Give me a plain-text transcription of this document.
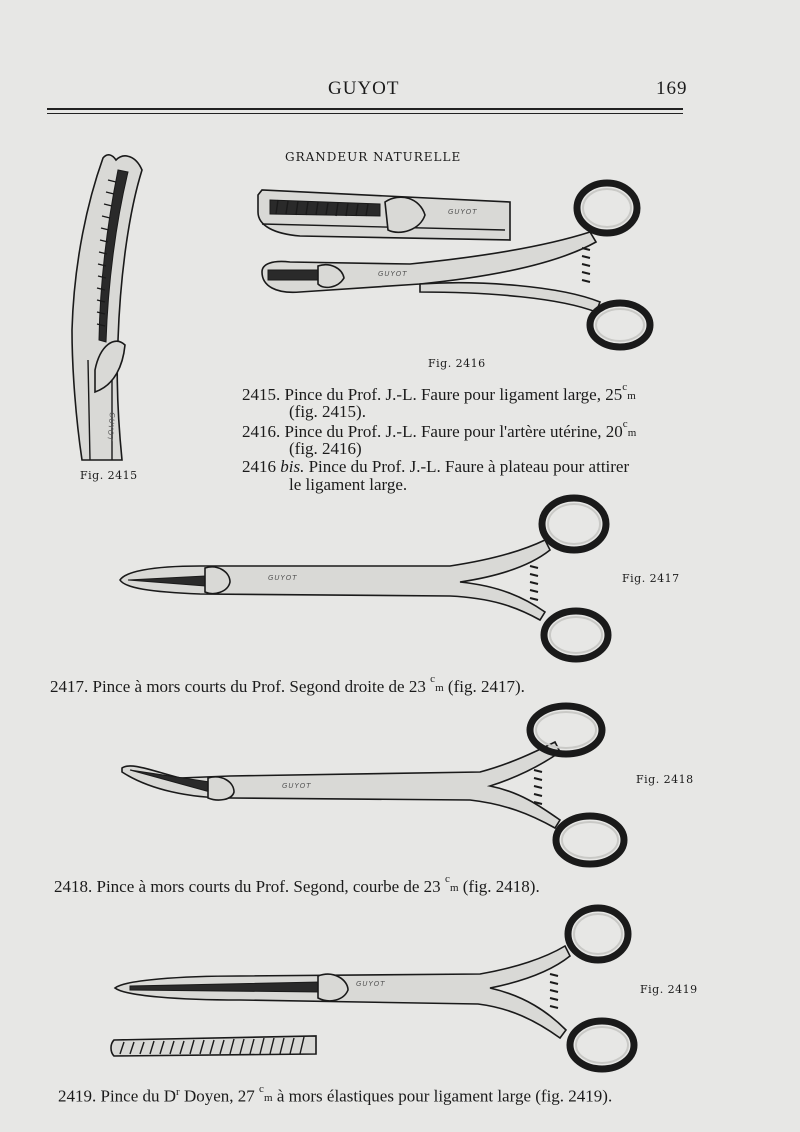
GUYOT	169
GRANDEUR NATURELLE
GUYOT
Fig. 2415
GUYOT
GUYOT
Fig. 2416
2415. Pince du Prof. J.-L. Faure pour ligament large, 25 c
m
(fig. 2415).
2416. Pince du Prof. J.-L. Faure pour l'artère utérine, 20 c
m
(fig. 2416)
2416 bis. Pince du Prof. J.-L. Faure à plateau pour attirer
le ligament large.
GUYOT	Fig. 2417
2417. Pince à mors courts du Prof. Segond droite de 23 c
m (fig. 2417).
GUYOT	Fig. 2418
2418. Pince à mors courts du Prof. Segond, courbe de 23 c
m (fig. 2418).
GUYOT	Fig. 2419
2419. Pince du $D^r$ Doyen, 27 c
m à mors élastiques pour ligament large (fig. 2419).
